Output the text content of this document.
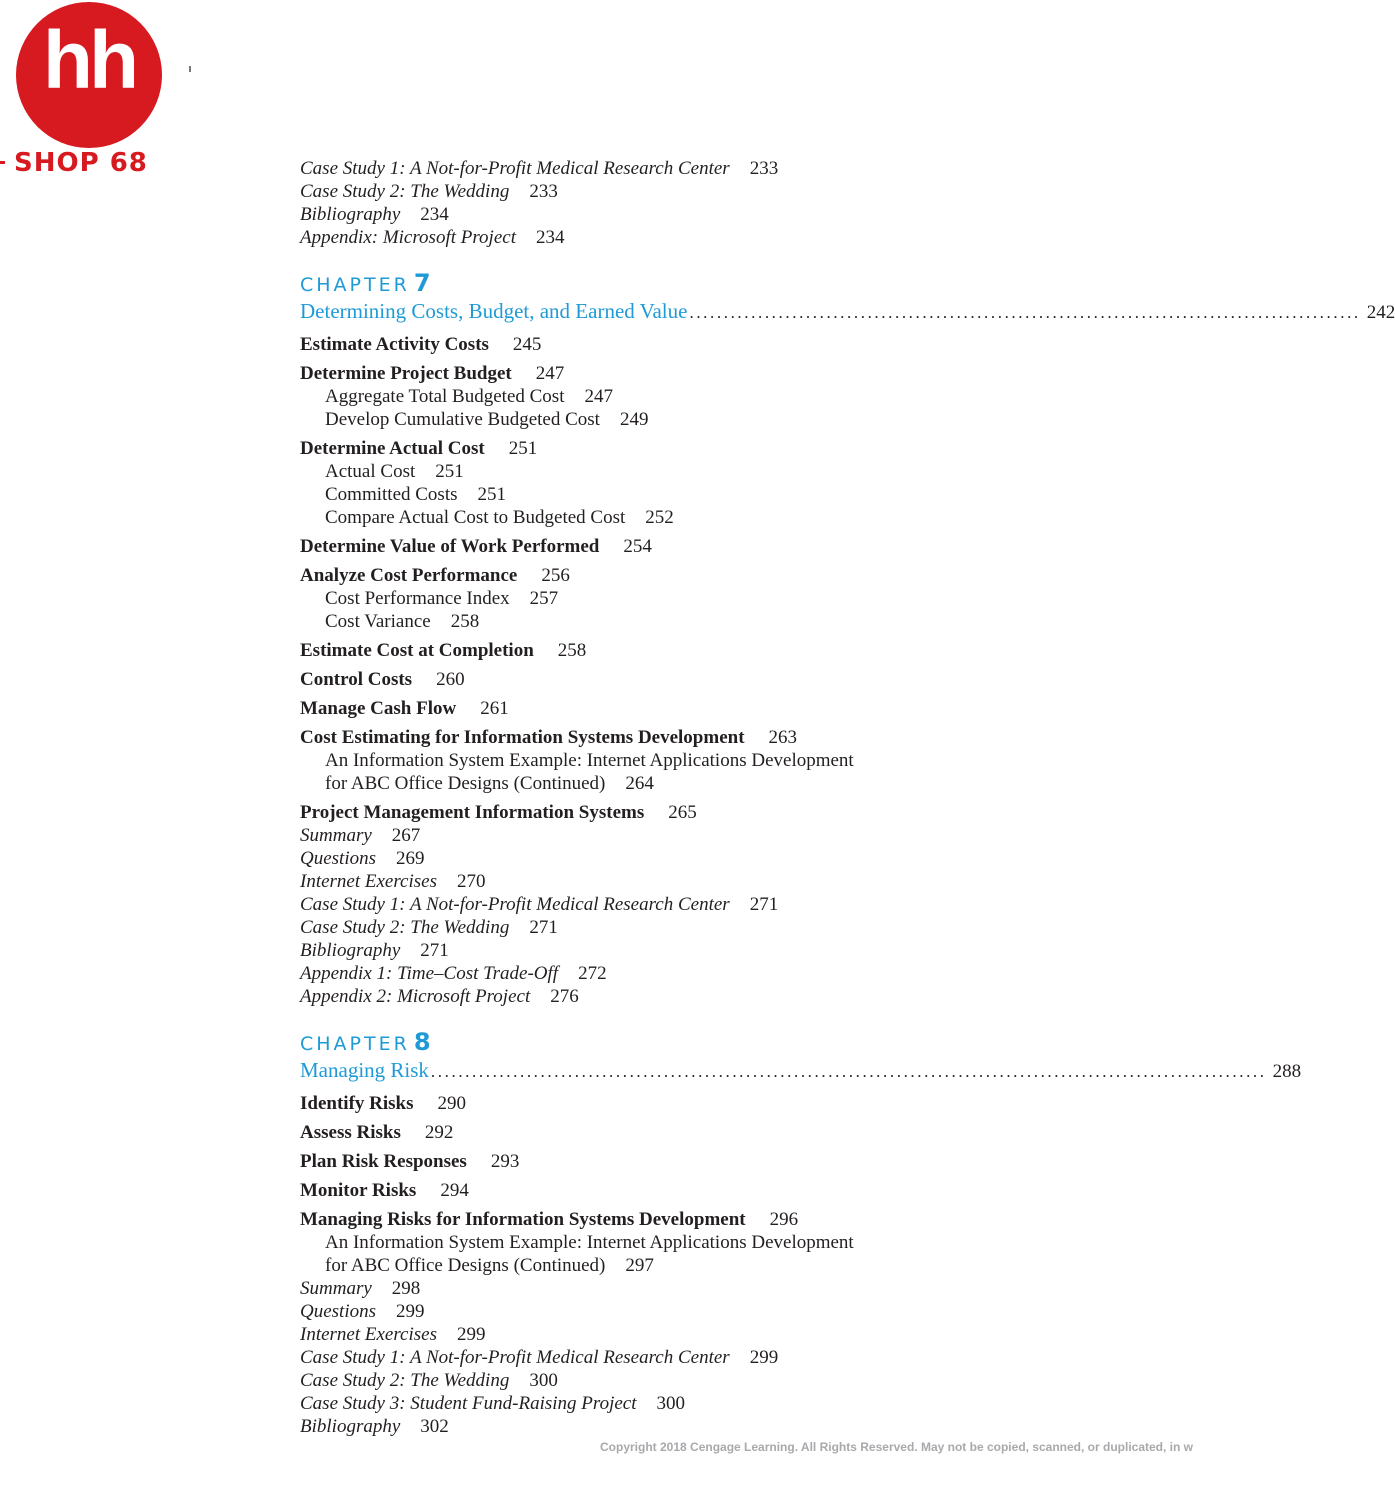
hh
SHOP 68	Case Study 1: A Not-for-Profit Medical Research Center 233
Case Study 2: The Wedding 233
Bibliography 234
Appendix: Microsoft Project 234
CHAPTER 7
Determining Costs, Budget, and Earned Value .................................................................................................. 242
Estimate Activity Costs 245
Determine Project Budget 247
Aggregate Total Budgeted Cost 247
Develop Cumulative Budgeted Cost 249
Determine Actual Cost 251
Actual Cost 251
Committed Costs 251
Compare Actual Cost to Budgeted Cost 252
Determine Value of Work Performed 254
Analyze Cost Performance 256
Cost Performance Index 257
Cost Variance 258
Estimate Cost at Completion 258
Control Costs 260
Manage Cash Flow 261
Cost Estimating for Information Systems Development 263
An Information System Example: Internet Applications Development
for ABC Office Designs (Continued) 264
Project Management Information Systems 265
Summary 267
Questions 269
Internet Exercises 270
Case Study 1: A Not-for-Profit Medical Research Center 271
Case Study 2: The Wedding 271
Bibliography 271
Appendix 1: Time–Cost Trade-Off 272
Appendix 2: Microsoft Project 276
CHAPTER 8
Managing Risk .......................................................................................................................... 288
Identify Risks 290
Assess Risks 292
Plan Risk Responses 293
Monitor Risks 294
Managing Risks for Information Systems Development 296
An Information System Example: Internet Applications Development
for ABC Office Designs (Continued) 297
Summary 298
Questions 299
Internet Exercises 299
Case Study 1: A Not-for-Profit Medical Research Center 299
Case Study 2: The Wedding 300
Case Study 3: Student Fund-Raising Project 300
Bibliography 302
Copyright 2018 Cengage Learning. All Rights Reserved. May not be copied, scanned, or duplicated, in w
